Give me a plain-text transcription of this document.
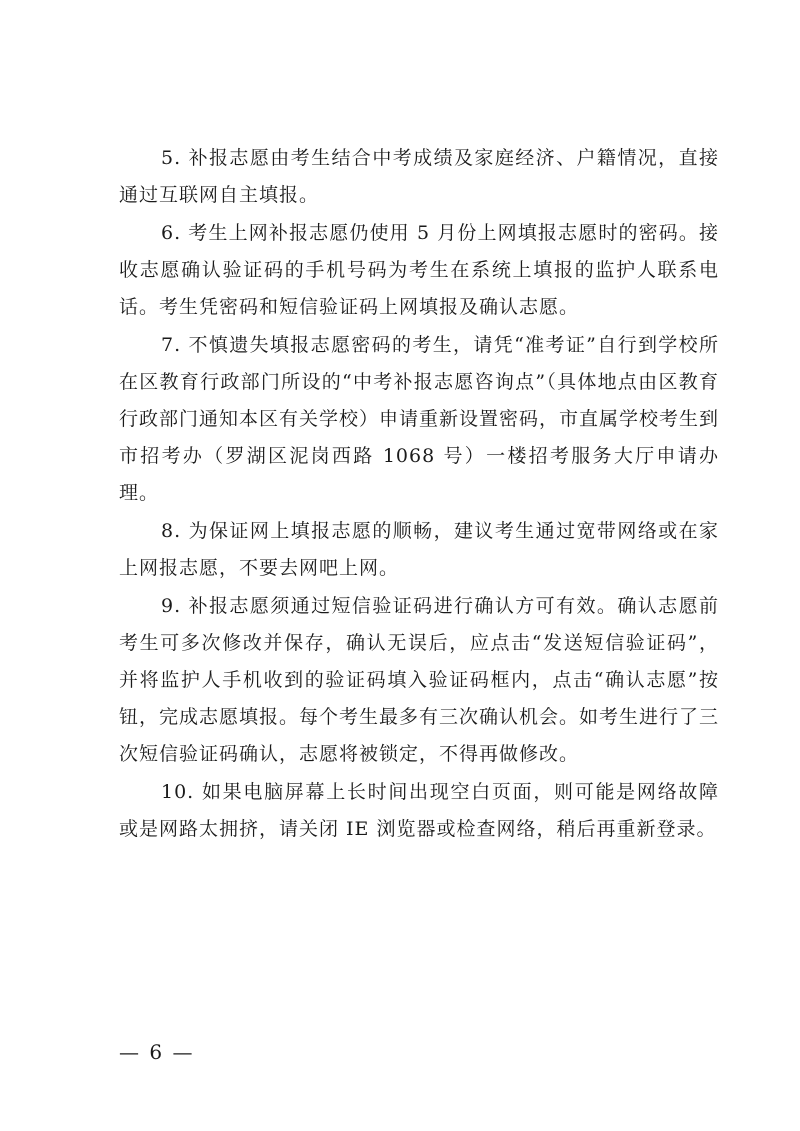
5. 补报志愿由考生结合中考成绩及家庭经济、户籍情况，直接通过互联网自主填报。

6. 考生上网补报志愿仍使用 5 月份上网填报志愿时的密码。接收志愿确认验证码的手机号码为考生在系统上填报的监护人联系电话。考生凭密码和短信验证码上网填报及确认志愿。

7. 不慎遗失填报志愿密码的考生，请凭“准考证”自行到学校所在区教育行政部门所设的“中考补报志愿咨询点”（具体地点由区教育行政部门通知本区有关学校）申请重新设置密码，市直属学校考生到市招考办（罗湖区泥岗西路 1068 号）一楼招考服务大厅申请办理。

8. 为保证网上填报志愿的顺畅，建议考生通过宽带网络或在家上网报志愿，不要去网吧上网。

9. 补报志愿须通过短信验证码进行确认方可有效。确认志愿前考生可多次修改并保存，确认无误后，应点击“发送短信验证码”，并将监护人手机收到的验证码填入验证码框内，点击“确认志愿”按钮，完成志愿填报。每个考生最多有三次确认机会。如考生进行了三次短信验证码确认，志愿将被锁定，不得再做修改。

10. 如果电脑屏幕上长时间出现空白页面，则可能是网络故障或是网路太拥挤，请关闭 IE 浏览器或检查网络，稍后再重新登录。

— 6 —
